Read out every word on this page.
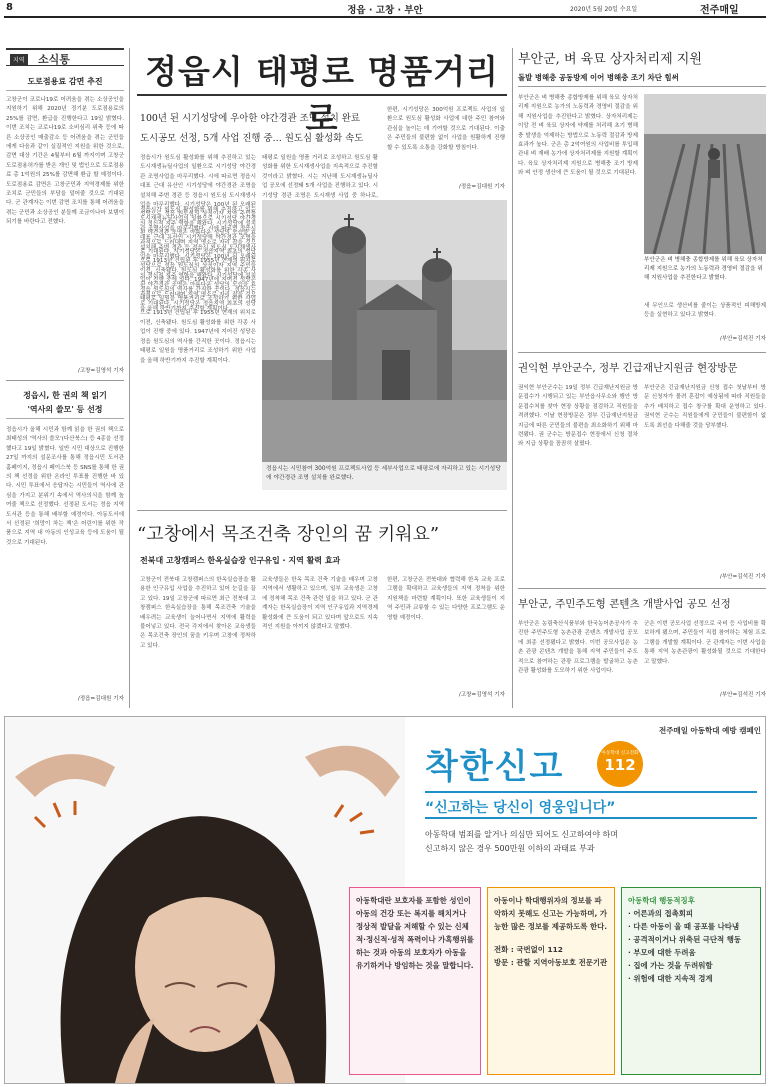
8	정읍 · 고창 · 부안	2020년 5월 20일 수요일	전주매일
지역 소식통
도로점용료 감면 추진
고창군이 코로나19로 어려움을 겪는 소상공인을 지원하기 위해 2020년 정기분 도로점용료의 25%를 감면, 환급을 진행한다고 19일 밝혔다. 이번 조치는 코로나19로 소비심리 위축 등에 따른 소상공인 매출감소 등 어려움을 겪는 군민들에게 다음과 같이 실질적인 지원을 위한 것으로, 감면 대상 기간은 4월부터 6월 까지이며 고창군 도로점용허가를 받은 개인 및 법인으로 도로점용료 총 1억원의 25%를 감면해 환급 할 예정이다. 도로점용료 감면은 고창군민과 지역경제를 위한 조치로 군민들의 부담을 덜어줄 것으로 기대된다. 군 관계자는 이번 감면 조치를 통해 어려움을 겪는 군민과 소상공인 분들께 조금이나마 보탬이 되기를 바란다고 전했다.
/고창=김영석 기자
정읍시, 한 권의 책 읽기
'역사의 쓸모' 등 선정
정읍시가 올해 시민과 함께 읽을 한 권의 책으로 최태성의 '역사의 쓸모'(다산북스) 등 4종을 선정했다고 19일 밝혔다. 일반 시민 대상으로 진행한 27일 까지의 설문조사를 통해 정읍시민 도서관 홈페이지, 정읍시 페이스북 등 SNS를 통해 한 권의 책 선정을 위한 온라인 투표를 진행한 바 있다. 시민 투표에서 응답자는 시민들이 역사에 관심을 가지고 분위기 속에서 역사의식을 함께 높여줄 책으로 선정했다. 선정된 도서는 정읍 지역 도서관 등을 통해 배부할 예정이다. 아동도서에서 선정된 '희망이 차는 책'은 어린이를 위한 작품으로 지역 내 아동의 인성교육 등에 도움이 될 것으로 기대된다.
/정읍=김대원 기자
정읍시 태평로 명품거리로
100년 된 시기성당에 우아한 야간경관 조명 설치 완료
도시공모 선정, 5개 사업 진행 중… 원도심 활성화 속도
정읍시가 원도심 활성화를 위해 추진하고 있는 도시재생뉴딜사업의 일환으로 시기성당 야간경관 조명사업을 마무리했다. 시에 따르면 정읍시 대표 근대 유산인 시기성당에 야간경관 조명을 설치해 주변 경관 등 정읍시 원도심 도시재생사업을 마무리했다. 시기성당은 100년 된 오래된 성당으로 정읍 원도심의 상징이자 지역 주민들의 정신적 지주 역할을 해왔다. 시기성당에 설치된 야간경관 조명은 아름다운 성당의 모습을 효과적으로 드러내며 지역 명소로 자리 잡을 것으로 기대된다. 시기성당은 정읍지역 최초의 성당으로 1913년 건립된 후 1955년 현재의 위치로 이전, 신축됐다. 원도심 활성화를 위한 각종 사업이 진행 중에 있다. 1947년에 지어진 성당은 정읍 원도심의 역사를 간직한 곳이다. 정읍시는 태평로 일원을 명품거리로 조성하기 위한 사업을 올해 하반기까지 추진할 계획이다.
태평로 일원을 명품 거리로 조성하고 원도심 활성화를 위한 도시재생사업을 지속적으로 추진할 것이라고 밝혔다. 시는 지난해 도시재생뉴딜사업 공모에 선정돼 5개 사업을 진행하고 있다. 시기성당 경관 조명은 도시재생 사업 중 하나로,
한편, 시기성당은 300억원 프로젝트 사업의 일환으로 원도심 활성화 사업에 대한 주민 참여와 관심을 높이는 데 기여할 것으로 기대된다. 이출은 주민들의 불편함 없이 사업을 원활하게 진행할 수 있도록 소통을 강화할 방침이다.
/정읍=김대원 기자
정읍시가 원도심 활성화를 위해 추진하고 있는 도시재생뉴딜사업의 일환으로 시기성당 야간경관 조명사업을 마무리했다. 시에 따르면 정읍시 대표 근대 유산인 시기성당에 야간경관 조명을 설치해 주변 경관 등 정읍시 원도심 도시재생사업을 마무리했다. 시기성당은 100년 된 오래된 성당으로 정읍 원도심의 상징이자 지역 주민들의 정신적 지주 역할을 해왔다. 시기성당에 설치된 야간경관 조명은 아름다운 성당의 모습을 효과적으로 드러내며 지역 명소로 자리 잡을 것으로 기대된다. 시기성당은 정읍지역 최초의 성당으로 1913년 건립된 후 1955년 현재의 위치로 이전, 신축됐다. 원도심 활성화를 위한 각종 사업이 진행 중에 있다. 1947년에 지어진 성당은 정읍 원도심의 역사를 간직한 곳이다. 정읍시는 태평로 일원을 명품거리로 조성하기 위한 사업을 올해 하반기까지 추진할 계획이다.
정읍시는 시민참여 300억원 프로젝트사업 등 세부사업으로 태평로에 자리하고 있는 시기성당에 야간경관 조명 설치를 완료했다.
“고창에서 목조건축 장인의 꿈 키워요”
전북대 고창캠퍼스 한옥실습장 인구유입 · 지역 활력 효과
고창군이 전북대 고창캠퍼스의 한옥실습장을 활용한 인구유입 사업을 추진하고 있어 눈길을 끌고 있다. 19일 고창군에 따르면 최근 전북대 고창캠퍼스 한옥실습장을 통해 목조건축 기술을 배우려는 교육생이 늘어나면서 지역에 활력을 불어넣고 있다. 전국 각지에서 찾아온 교육생들은 목조건축 장인의 꿈을 키우며 고창에 정착하고 있다.
교육생들은 한옥 목조 건축 기술을 배우며 고창 지역에서 생활하고 있으며, 일부 교육생은 고창에 정착해 목조 건축 관련 일을 하고 있다. 군 관계자는 한옥실습장이 지역 인구유입과 지역경제 활성화에 큰 도움이 되고 있다며 앞으로도 지속적인 지원을 아끼지 않겠다고 말했다.
한편, 고창군은 전북대와 협력해 한옥 교육 프로그램을 확대하고 교육생들의 지역 정착을 위한 지원책을 마련할 계획이다. 또한 교육생들이 지역 주민과 교류할 수 있는 다양한 프로그램도 운영할 예정이다.
/고창=김영석 기자
부안군, 벼 육묘 상자처리제 지원
돌발 병해충 공동방제 이어 병해충 조기 차단 힘써
부안군은 벼 병해충 종합방제를 위해 육묘 상자처리제 지원으로 농가의 노동력과 경영비 절감을 위해 지원사업을 추진한다고 밝혔다. 상자처리제는 이앙 전 벼 육묘 상자에 약제를 처리해 초기 병해충 발생을 억제하는 방법으로 노동력 절감과 방제 효과가 높다. 군은 총 2억여원의 사업비를 투입해 관내 벼 재배 농가에 상자처리제를 지원할 계획이다. 육묘 상자처리제 지원으로 병해충 조기 방제와 벼 안정 생산에 큰 도움이 될 것으로 기대된다.
부안군은 벼 병해충 종합방제를 위해 육묘 상자처리제 지원으로 농가의 노동력과 경영비 절감을 위해 지원사업을 추진한다고 밝혔다.
새 무인으로 생산비를 줄이는 상품적인 피해방제 등을 실현하고 있다고 밝혔다.
/부안=김석진 기자
권익현 부안군수, 정부 긴급재난지원금 현장방문
권익현 부안군수는 19일 정부 긴급재난지원금 방문접수가 시행되고 있는 부안읍사무소와 행안 방문접수처를 찾아 현장 상황을 점검하고 직원들을 격려했다. 이날 현장방문은 정부 긴급재난지원금 지급에 따른 군민들의 불편을 최소화하기 위해 마련됐다. 권 군수는 방문접수 현장에서 신청 절차와 지급 상황을 꼼꼼히 살폈다.
부안군은 긴급재난지원금 신청 접수 첫날부터 방문 신청자가 몰려 혼잡이 예상됨에 따라 직원들을 추가 배치하고 접수 창구를 확대 운영하고 있다. 권익현 군수는 직원들에게 군민들이 불편함이 없도록 최선을 다해줄 것을 당부했다.
/부안=김석진 기자
부안군, 주민주도형 콘텐츠 개발사업 공모 선정
부안군은 농림축산식품부와 한국농어촌공사가 추진한 주민주도형 농촌관광 콘텐츠 개발사업 공모에 최종 선정됐다고 밝혔다. 이번 공모사업은 농촌 관광 콘텐츠 개발을 통해 지역 주민들이 주도적으로 참여하는 관광 프로그램을 발굴하고 농촌 관광 활성화를 도모하기 위한 사업이다.
군은 이번 공모사업 선정으로 국비 등 사업비를 확보하게 됐으며, 주민들이 직접 참여하는 체험 프로그램을 개발할 계획이다. 군 관계자는 이번 사업을 통해 지역 농촌관광이 활성화될 것으로 기대한다고 말했다.
/부안=김석진 기자
전주매일 아동학대 예방 캠페인
착한신고	아동학대 신고전화
112
“신고하는 당신이 영웅입니다”
아동학대 범죄를 알거나 의심만 되어도 신고하여야 하며
신고하지 않은 경우 500만원 이하의 과태료 부과
아동학대란 보호자를 포함한 성인이 아동의 건강 또는 복지를 해치거나 정상적 발달을 저해할 수 있는 신체적·정신적·성적 폭력이나 가혹행위를 하는 것과 아동의 보호자가 아동을 유기하거나 방임하는 것을 말합니다.
아동이나 학대행위자의 정보를 파악하지 못해도 신고는 가능하며, 가능한 많은 정보를 제공하도록 한다.
전화 : 국번없이 112
방문 : 관할 지역아동보호 전문기관
아동학대 행동적징후
· 어른과의 접촉회피
· 다른 아동이 울 때 공포를 나타냄
· 공격적이거나 위축된 극단적 행동
· 부모에 대한 두려움
· 집에 가는 것을 두려워함
· 위험에 대한 지속적 경계
